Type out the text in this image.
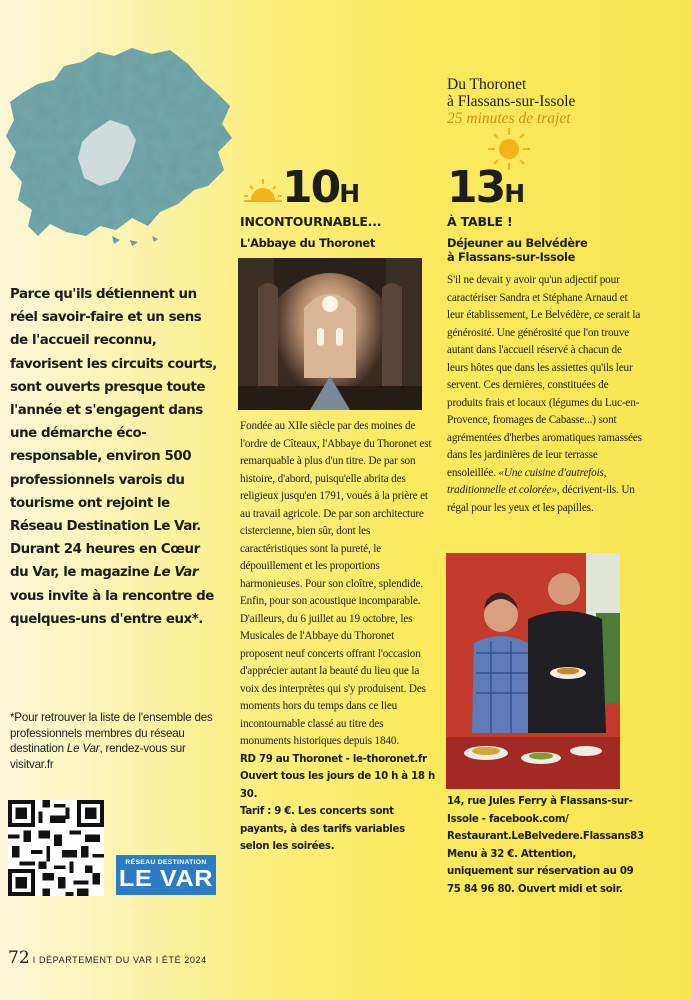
Parce qu'ils détiennent un réel savoir-faire et un sens de l'accueil reconnu, favorisent les circuits courts, sont ouverts presque toute l'année et s'engagent dans une démarche éco-responsable, environ 500 professionnels varois du tourisme ont rejoint le Réseau Destination Le Var. Durant 24 heures en Cœur du Var, le magazine Le Var vous invite à la rencontre de quelques-uns d'entre eux*.
*Pour retrouver la liste de l'ensemble des professionnels membres du réseau destination Le Var, rendez-vous sur visitvar.fr
RÉSEAU DESTINATION
LE VAR
72 I DÉPARTEMENT DU VAR I ÉTÉ 2024
Du Thoronet
à Flassans-sur-Issole
25 minutes de trajet
10H
INCONTOURNABLE...
L'Abbaye du Thoronet
Fondée au XIIe siècle par des moines de l'ordre de Cîteaux, l'Abbaye du Thoronet est remarquable à plus d'un titre. De par son histoire, d'abord, puisqu'elle abrita des religieux jusqu'en 1791, voués à la prière et au travail agricole. De par son architecture cistercienne, bien sûr, dont les caractéristiques sont la pureté, le dépouillement et les proportions harmonieuses. Pour son cloître, splendide. Enfin, pour son acoustique incomparable. D'ailleurs, du 6 juillet au 19 octobre, les Musicales de l'Abbaye du Thoronet proposent neuf concerts offrant l'occasion d'apprécier autant la beauté du lieu que la voix des interprètes qui s'y produisent. Des moments hors du temps dans ce lieu incontournable classé au titre des monuments historiques depuis 1840.
RD 79 au Thoronet - le-thoronet.fr
Ouvert tous les jours de 10 h à 18 h 30.
Tarif : 9 €. Les concerts sont payants, à des tarifs variables selon les soirées.
13H
À TABLE !
Déjeuner au Belvédère
à Flassans-sur-Issole
S'il ne devait y avoir qu'un adjectif pour caractériser Sandra et Stéphane Arnaud et leur établissement, Le Belvédère, ce serait la générosité. Une générosité que l'on trouve autant dans l'accueil réservé à chacun de leurs hôtes que dans les assiettes qu'ils leur servent. Ces dernières, constituées de produits frais et locaux (légumes du Luc-en-Provence, fromages de Cabasse...) sont agrémentées d'herbes aromatiques ramassées dans les jardinières de leur terrasse ensoleillée. «Une cuisine d'autrefois, traditionnelle et colorée», décrivent-ils. Un régal pour les yeux et les papilles.
14, rue Jules Ferry à Flassans-sur-Issole - facebook.com/ Restaurant.LeBelvedere.Flassans83
Menu à 32 €. Attention, uniquement sur réservation au 09 75 84 96 80. Ouvert midi et soir.
